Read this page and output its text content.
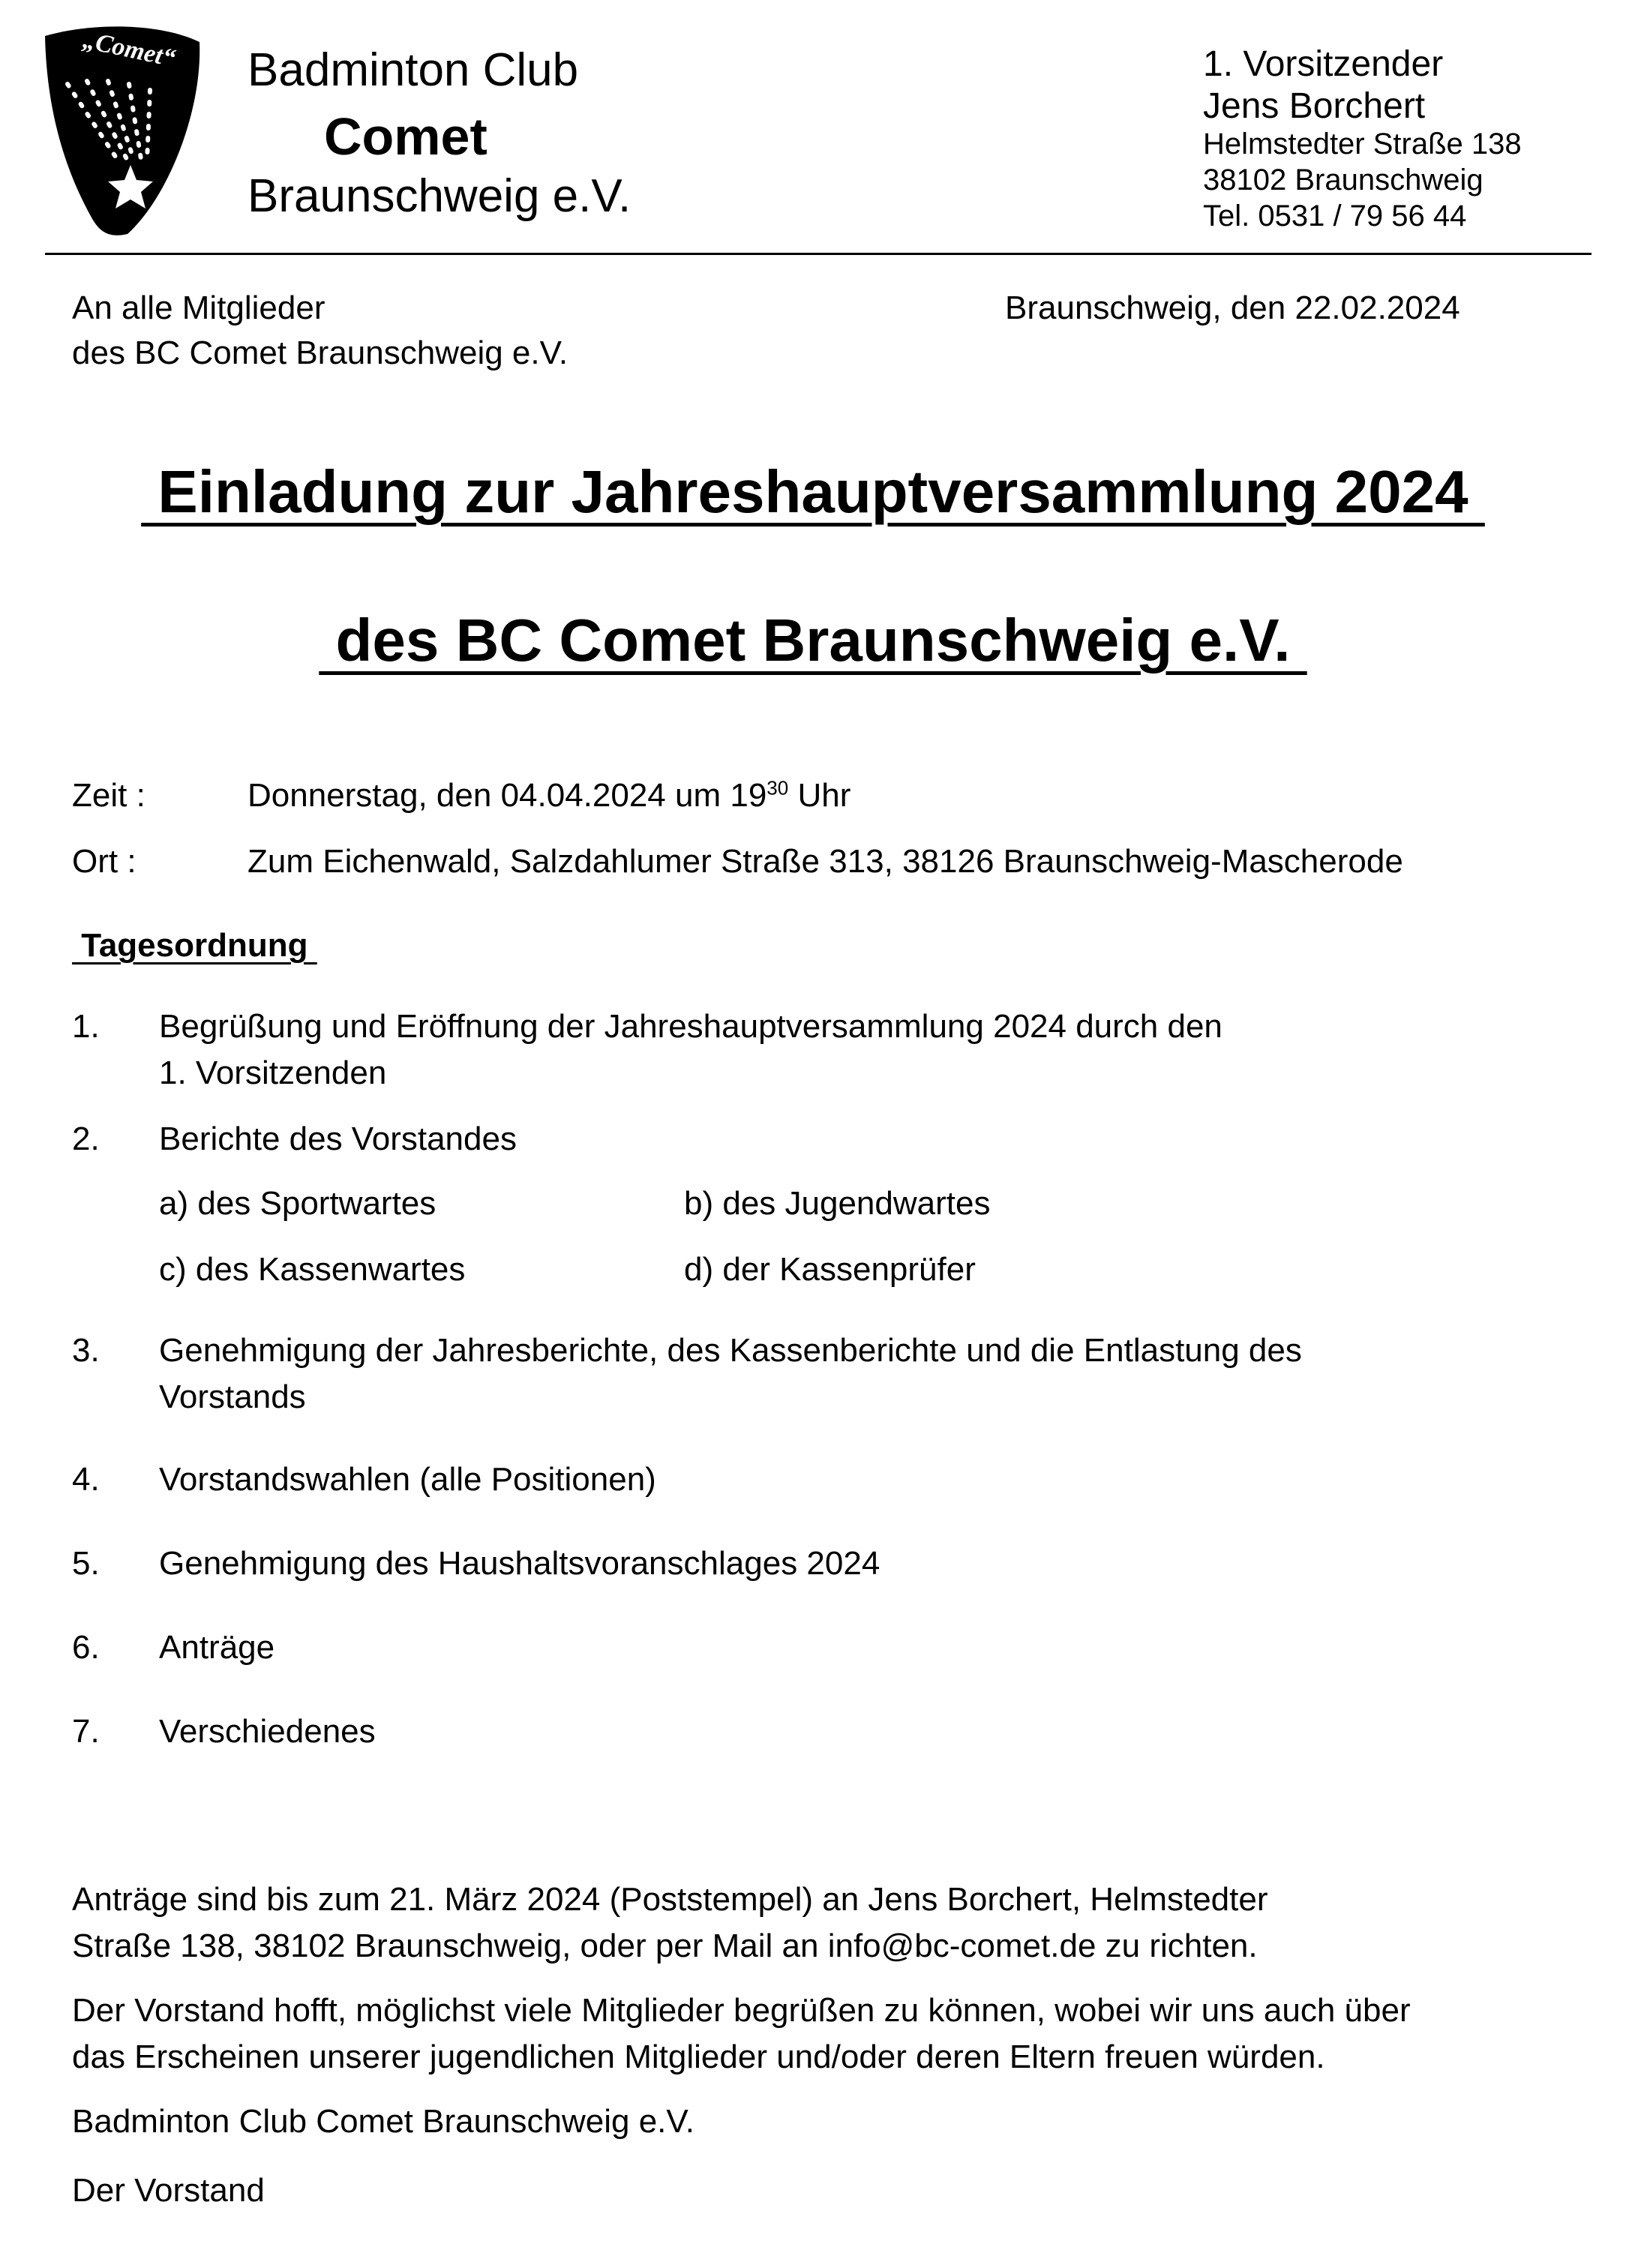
„Comet“ Badminton Club
Comet
Braunschweig e.V.
1. Vorsitzender
Jens Borchert
Helmstedter Straße 138
38102 Braunschweig
Tel. 0531 / 79 56 44
An alle Mitglieder
des BC Comet Braunschweig e.V.
Braunschweig, den 22.02.2024
Einladung zur Jahreshauptversammlung 2024
des BC Comet Braunschweig e.V.
Zeit :	Donnerstag, den 04.04.2024 um $19^{30}$ Uhr
Ort :	Zum Eichenwald, Salzdahlumer Straße 313, 38126 Braunschweig-Mascherode
Tagesordnung
1. Begrüßung und Eröffnung der Jahreshauptversammlung 2024 durch den
1. Vorsitzenden
2. Berichte des Vorstandes
a) des Sportwartes	b) des Jugendwartes
c) des Kassenwartes	d) der Kassenprüfer
3. Genehmigung der Jahresberichte, des Kassenberichte und die Entlastung des
Vorstands
4. Vorstandswahlen (alle Positionen)
5. Genehmigung des Haushaltsvoranschlages 2024
6. Anträge
7. Verschiedenes
Anträge sind bis zum 21. März 2024 (Poststempel) an Jens Borchert, Helmstedter
Straße 138, 38102 Braunschweig, oder per Mail an info@bc-comet.de zu richten.
Der Vorstand hofft, möglichst viele Mitglieder begrüßen zu können, wobei wir uns auch über
das Erscheinen unserer jugendlichen Mitglieder und/oder deren Eltern freuen würden.
Badminton Club Comet Braunschweig e.V.
Der Vorstand
